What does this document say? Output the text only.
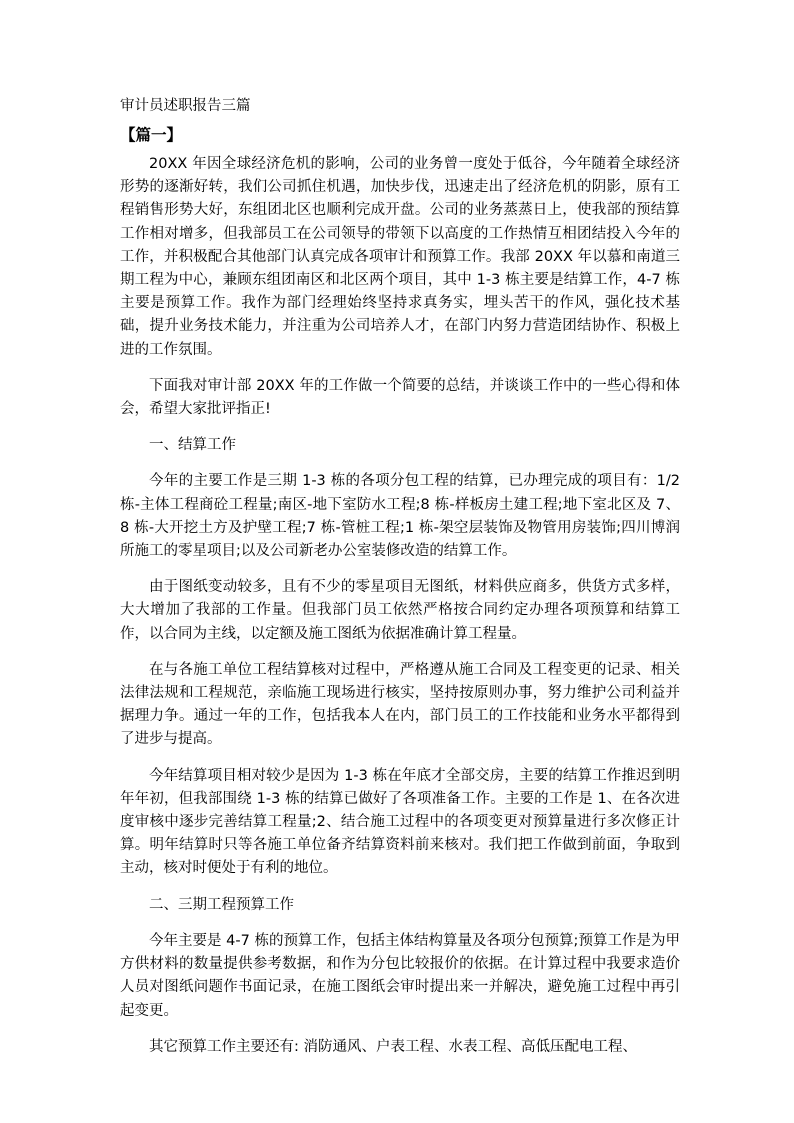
审计员述职报告三篇
【篇一】

20XX 年因全球经济危机的影响，公司的业务曾一度处于低谷，今年随着全球经济形势的逐渐好转，我们公司抓住机遇，加快步伐，迅速走出了经济危机的阴影，原有工程销售形势大好，东组团北区也顺利完成开盘。公司的业务蒸蒸日上，使我部的预结算工作相对增多，但我部员工在公司领导的带领下以高度的工作热情互相团结投入今年的工作，并积极配合其他部门认真完成各项审计和预算工作。我部 20XX 年以慕和南道三期工程为中心，兼顾东组团南区和北区两个项目，其中 1-3 栋主要是结算工作，4-7 栋主要是预算工作。我作为部门经理始终坚持求真务实，埋头苦干的作风，强化技术基础，提升业务技术能力，并注重为公司培养人才，在部门内努力营造团结协作、积极上进的工作氛围。

下面我对审计部 20XX 年的工作做一个简要的总结，并谈谈工作中的一些心得和体会，希望大家批评指正!

一、结算工作

今年的主要工作是三期 1-3 栋的各项分包工程的结算，已办理完成的项目有：1/2 栋-主体工程商砼工程量;南区-地下室防水工程;8 栋-样板房土建工程;地下室北区及 7、8 栋-大开挖土方及护壁工程;7 栋-管桩工程;1 栋-架空层装饰及物管用房装饰;四川博润所施工的零星项目;以及公司新老办公室装修改造的结算工作。

由于图纸变动较多，且有不少的零星项目无图纸，材料供应商多，供货方式多样，大大增加了我部的工作量。但我部门员工依然严格按合同约定办理各项预算和结算工作，以合同为主线，以定额及施工图纸为依据准确计算工程量。

在与各施工单位工程结算核对过程中，严格遵从施工合同及工程变更的记录、相关法律法规和工程规范，亲临施工现场进行核实，坚持按原则办事，努力维护公司利益并据理力争。通过一年的工作，包括我本人在内，部门员工的工作技能和业务水平都得到了进步与提高。

今年结算项目相对较少是因为 1-3 栋在年底才全部交房，主要的结算工作推迟到明年年初，但我部围绕 1-3 栋的结算已做好了各项准备工作。主要的工作是 1、在各次进度审核中逐步完善结算工程量;2、结合施工过程中的各项变更对预算量进行多次修正计算。明年结算时只等各施工单位备齐结算资料前来核对。我们把工作做到前面，争取到主动，核对时便处于有利的地位。

二、三期工程预算工作

今年主要是 4-7 栋的预算工作，包括主体结构算量及各项分包预算;预算工作是为甲方供材料的数量提供参考数据，和作为分包比较报价的依据。在计算过程中我要求造价人员对图纸问题作书面记录，在施工图纸会审时提出来一并解决，避免施工过程中再引起变更。

其它预算工作主要还有: 消防通风、户表工程、水表工程、高低压配电工程、
